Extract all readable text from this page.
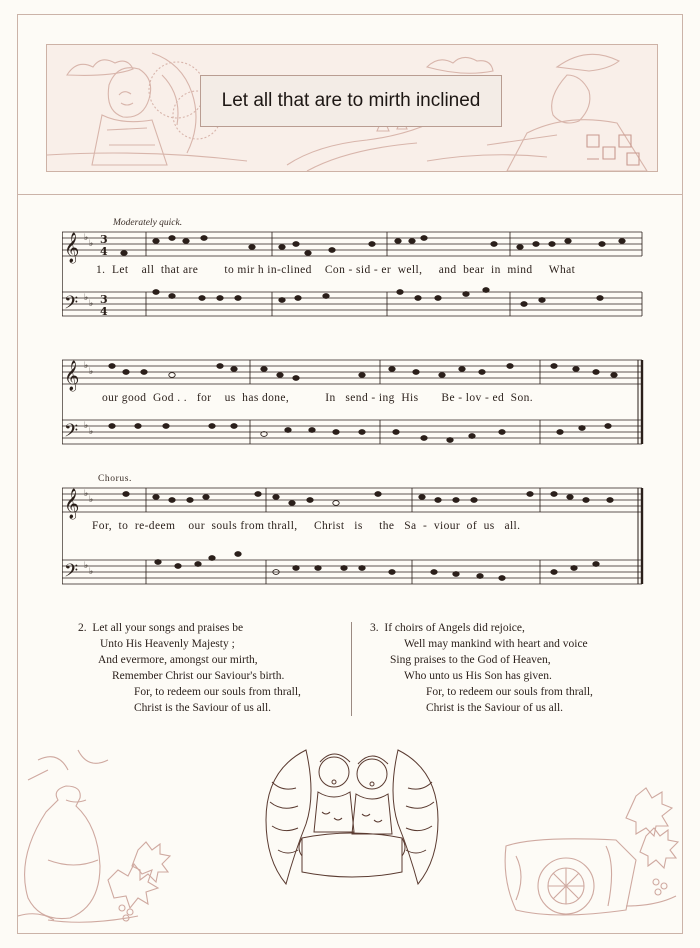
Let all that are to mirth inclined
Moderately quick.
Chorus.
𝄞
𝄢
♭
♭
♭
♭
3
4
3
4
1.  Let    all  that are        to mir h in-clined    Con - sid - er  well,     and  bear  in  mind     What
𝄞
𝄢
♭
♭
♭
♭
our good  God . .   for    us  has done,           In   send - ing  His       Be - lov - ed  Son.
𝄞
𝄢
♭
♭
♭
♭
For,  to  re-deem    our  souls from thrall,     Christ   is     the   Sa  -  viour  of  us   all.
2. Let all your songs and praises be
Unto His Heavenly Majesty ;
And evermore, amongst our mirth,
Remember Christ our Saviour's birth.
For, to redeem our souls from thrall,
Christ is the Saviour of us all.
3. If choirs of Angels did rejoice,
Well may mankind with heart and voice
Sing praises to the God of Heaven,
Who unto us His Son has given.
For, to redeem our souls from thrall,
Christ is the Saviour of us all.
